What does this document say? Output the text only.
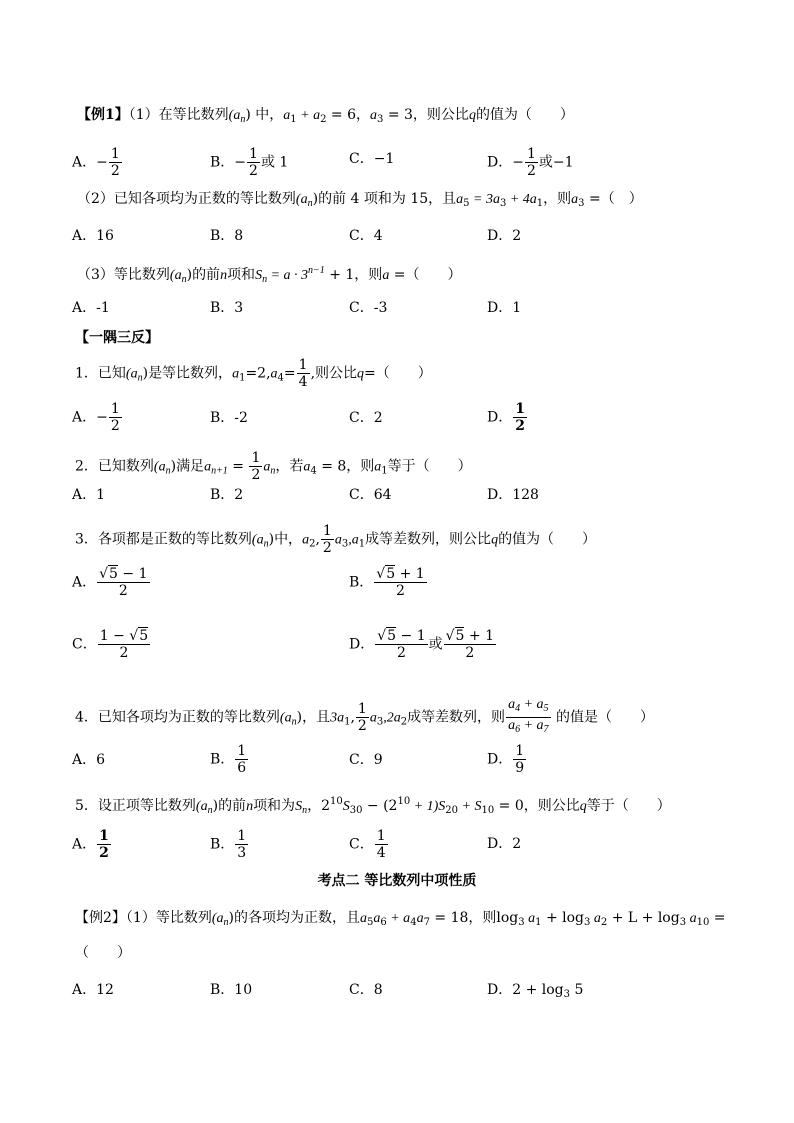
【例1】（1）在等比数列$(a_n)$ 中，$a_1 + a_2 = 6$，$a_3 = 3$，则公比q的值为（　　）
A．− $\frac{1}{2}$	B．− $\frac{1}{2}$ 或 1	C．−1	D．− $\frac{1}{2}$ 或−1
（2）已知各项均为正数的等比数列$(a_n)$的前 4 项和为 15，且$a_5 = 3a_3 + 4a_1$，则$a_3$ =（　）
A．16	B．8	C．4	D．2
（3）等比数列$(a_n)$的前n项和$S_n = a \cdot 3^{n-1} + 1$，则a =（　　）
A．-1	B．3	C．-3	D．1
【一隅三反】
1．已知$(a_n)$是等比数列，$a_1=2,a_4= \frac{1}{4}$ ,则公比q=（　　）
A．− $\frac{1}{2}$	B．-2	C．2	D． $\frac{1}{2}$
2．已知数列$(a_n)$满足$a_{n+1} = \frac{1}{2} a_n$，若$a_4 = 8$，则$a_1$等于（　　）
A．1	B．2	C．64	D．128
3．各项都是正数的等比数列$(a_n)$中，$a_2$, $\frac{1}{2} a_3,a_1$成等差数列，则公比q的值为（　　）
A． $\frac{√5 - 1}{2}$	B． $\frac{√5 + 1}{2}$
C． $\frac{1 - √5}{2}$	D． $\frac{√5 - 1}{2}$ 或 $\frac{√5 + 1}{2}$
4．已知各项均为正数的等比数列$(a_n)$，且$3a_1$, $\frac{1}{2} a_3,2a_2$成等差数列，则 $\frac{a_4 + a_5}{a_6 + a_7}$ 的值是（　　）
A．6	B． $\frac{1}{6}$	C．9	D． $\frac{1}{9}$
5．设正项等比数列$(a_n)$的前n项和为$S_n$，$2^{10}S_{30} - (2^{10} + 1)S_{20} + S_{10} = 0$，则公比q等于（　　）
A． $\frac{1}{2}$	B． $\frac{1}{3}$	C． $\frac{1}{4}$	D．2
考点二 等比数列中项性质
【例2】（1）等比数列$(a_n)$的各项均为正数，且$a_5a_6 + a_4a_7 = 18$，则$\log_3 a_1 + \log_3 a_2 + L + \log_3 a_{10}$ =
（　　）
A．12	B．10	C．8	D．$2 + \log_3 5$
